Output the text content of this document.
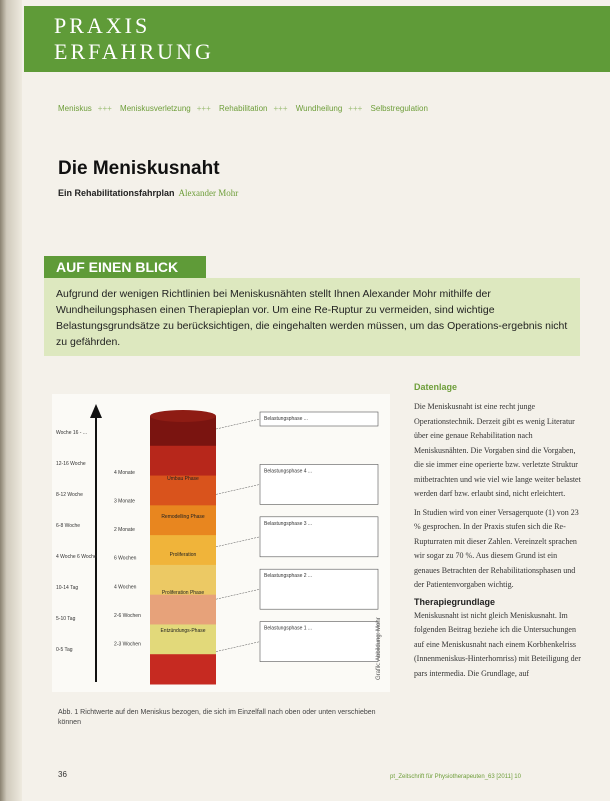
PRAXIS
ERFAHRUNG
Meniskus +++ Meniskusverletzung +++ Rehabilitation +++ Wundheilung +++ Selbstregulation
Die Meniskusnaht
Ein Rehabilitationsfahrplan Alexander Mohr
AUF EINEN BLICK
Aufgrund der wenigen Richtlinien bei Meniskusnähten stellt Ihnen Alexander Mohr mithilfe der Wundheilungsphasen einen Therapieplan vor. Um eine Re-Ruptur zu vermeiden, sind wichtige Belastungsgrundsätze zu berücksichtigen, die eingehalten werden müssen, um das Operations-ergebnis nicht zu gefährden.
Woche 16 - ...
12-16 Woche
8-12 Woche
6-8 Woche
4 Woche 6 Woche
10-14 Tag
5-10 Tag
0-5 Tag
4 Monate
3 Monate
2 Monate
6 Wochen
4 Wochen
2-6 Wochen
2-3 Wochen
Umbau Phase
Remodelling Phase
Proliferation
Proliferation Phase
Entzündungs-Phase
Belastungsphase ...
Belastungsphase 4 ...
Belastungsphase 3 ...
Belastungsphase 2 ...
Belastungsphase 1 ...
Abb. 1 Richtwerte auf den Meniskus bezogen, die sich im Einzelfall nach oben oder unten verschieben können
Datenlage

Die Meniskusnaht ist eine recht junge Operationstechnik. Derzeit gibt es wenig Literatur über eine genaue Rehabilitation nach Meniskusnähten. Die Vorgaben sind die Vorgaben, die sie immer eine operierte bzw. verletzte Struktur mitbetrachten und wie viel wie lange weiter belastet werden darf bzw. erlaubt sind, nicht erleichtert.

In Studien wird von einer Versagerquote (1) von 23 % gesprochen. In der Praxis stufen sich die Re-Rupturraten mit dieser Zahlen. Vereinzelt sprachen wir sogar zu 70 %. Aus diesem Grund ist ein genaues Betrachten der Rehabilitationsphasen und der Patientenvorgaben wichtig.

Therapiegrundlage

Meniskusnaht ist nicht gleich Meniskusnaht. Im folgenden Beitrag beziehe ich die Untersuchungen auf eine Meniskusnaht nach einem Korbhenkelriss (Innenmeniskus-Hinterhornriss) mit Beteiligung der pars intermedia. Die Grundlage, auf

36	pt_Zeitschrift für Physiotherapeuten_63 [2011] 10
